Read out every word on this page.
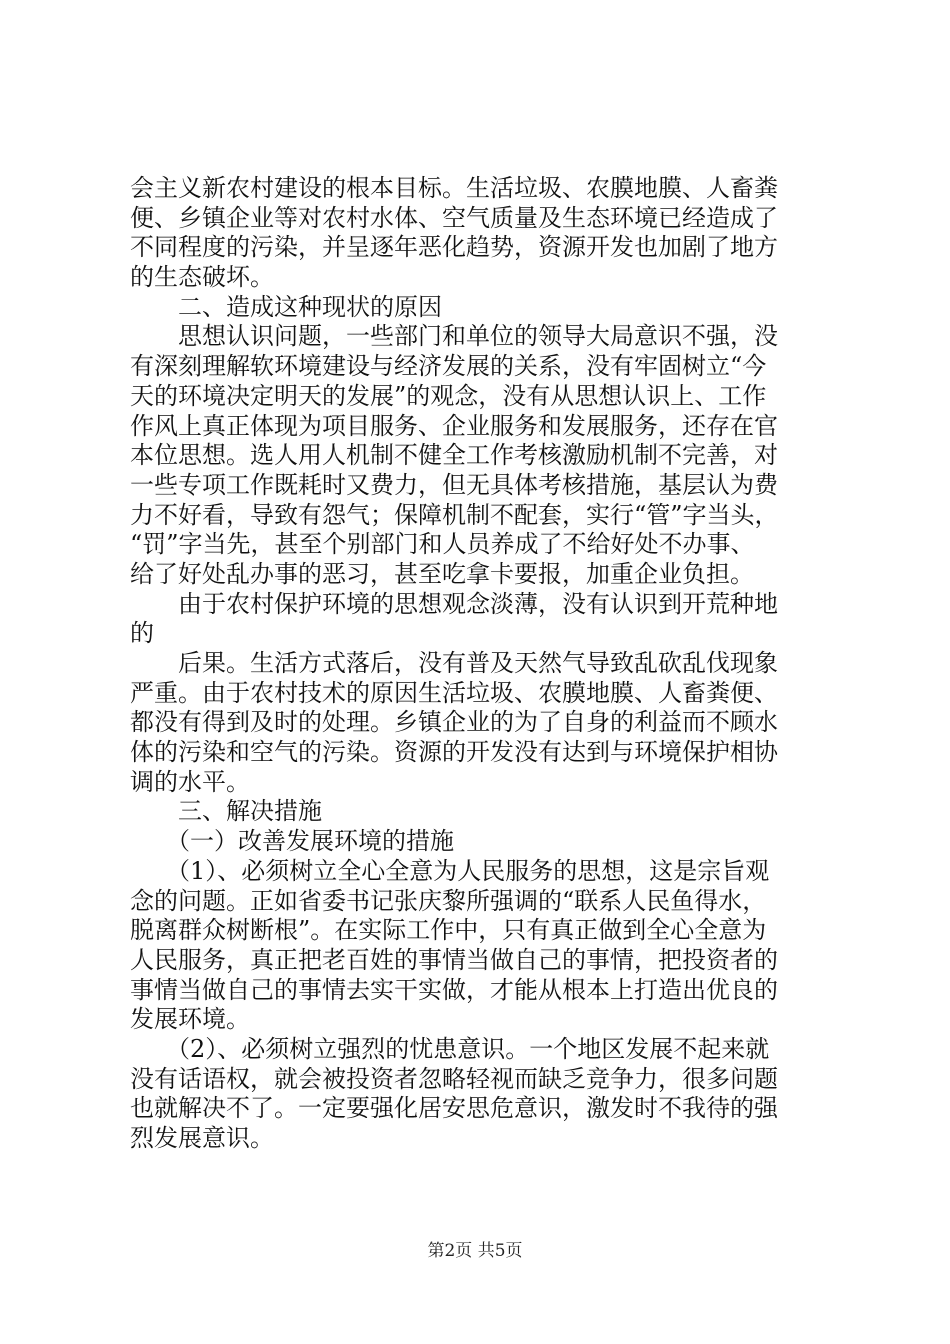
会主义新农村建设的根本目标。生活垃圾、农膜地膜、人畜粪
便、乡镇企业等对农村水体、空气质量及生态环境已经造成了
不同程度的污染，并呈逐年恶化趋势，资源开发也加剧了地方
的生态破坏。
　　二、造成这种现状的原因
　　思想认识问题，一些部门和单位的领导大局意识不强，没
有深刻理解软环境建设与经济发展的关系，没有牢固树立“今
天的环境决定明天的发展”的观念，没有从思想认识上、工作
作风上真正体现为项目服务、企业服务和发展服务，还存在官
本位思想。选人用人机制不健全工作考核激励机制不完善，对
一些专项工作既耗时又费力，但无具体考核措施，基层认为费
力不好看，导致有怨气；保障机制不配套，实行“管”字当头，
“罚”字当先，甚至个别部门和人员养成了不给好处不办事、
给了好处乱办事的恶习，甚至吃拿卡要报，加重企业负担。
　　由于农村保护环境的思想观念淡薄，没有认识到开荒种地
的
　　后果。生活方式落后，没有普及天然气导致乱砍乱伐现象
严重。由于农村技术的原因生活垃圾、农膜地膜、人畜粪便、
都没有得到及时的处理。乡镇企业的为了自身的利益而不顾水
体的污染和空气的污染。资源的开发没有达到与环境保护相协
调的水平。
　　三、解决措施
　　（一）改善发展环境的措施
　　（1）、必须树立全心全意为人民服务的思想，这是宗旨观
念的问题。正如省委书记张庆黎所强调的“联系人民鱼得水，
脱离群众树断根”。在实际工作中，只有真正做到全心全意为
人民服务，真正把老百姓的事情当做自己的事情，把投资者的
事情当做自己的事情去实干实做，才能从根本上打造出优良的
发展环境。
　　（2）、必须树立强烈的忧患意识。一个地区发展不起来就
没有话语权，就会被投资者忽略轻视而缺乏竞争力，很多问题
也就解决不了。一定要强化居安思危意识，激发时不我待的强
烈发展意识。
第2页 共5页
